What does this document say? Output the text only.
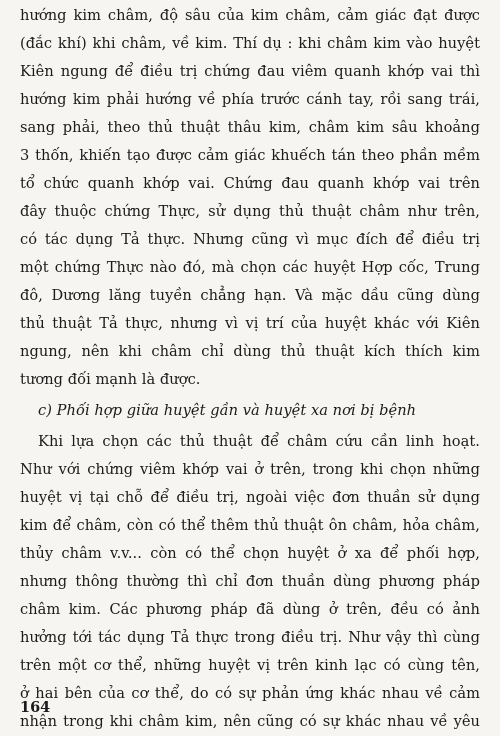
hướng kim châm, độ sâu của kim châm, cảm giác đạt được
(đắc khí) khi châm, về kim. Thí dụ : khi châm kim vào huyệt
Kiên ngung để điều trị chứng đau viêm quanh khớp vai thì
hướng kim phải hướng về phía trước cánh tay, rồi sang trái,
sang phải, theo thủ thuật thâu kim, châm kim sâu khoảng
3 thốn, khiến tạo được cảm giác khuếch tán theo phần mềm
tổ chức quanh khớp vai. Chứng đau quanh khớp vai trên
đây thuộc chứng Thực, sử dụng thủ thuật châm như trên,
có tác dụng Tả thực. Nhưng cũng vì mục đích để điều trị
một chứng Thực nào đó, mà chọn các huyệt Hợp cốc, Trung
đô, Dương lăng tuyền chẳng hạn. Và mặc dầu cũng dùng
thủ thuật Tả thực, nhưng vì vị trí của huyệt khác với Kiên
ngung, nên khi châm chỉ dùng thủ thuật kích thích kim
tương đối mạnh là được.
c) Phối hợp giữa huyệt gần và huyệt xa nơi bị bệnh
Khi lựa chọn các thủ thuật để châm cứu cần linh hoạt.
Như với chứng viêm khớp vai ở trên, trong khi chọn những
huyệt vị tại chỗ để điều trị, ngoài việc đơn thuần sử dụng
kim để châm, còn có thể thêm thủ thuật ôn châm, hỏa châm,
thủy châm v.v... còn có thể chọn huyệt ở xa để phối hợp,
nhưng thông thường thì chỉ đơn thuần dùng phương pháp
châm kim. Các phương pháp đã dùng ở trên, đều có ảnh
hưởng tới tác dụng Tả thực trong điều trị. Như vậy thì cùng
trên một cơ thể, những huyệt vị trên kinh lạc có cùng tên,
ở hai bên của cơ thể, do có sự phản ứng khác nhau về cảm
nhận trong khi châm kim, nên cũng có sự khác nhau về yêu
164
